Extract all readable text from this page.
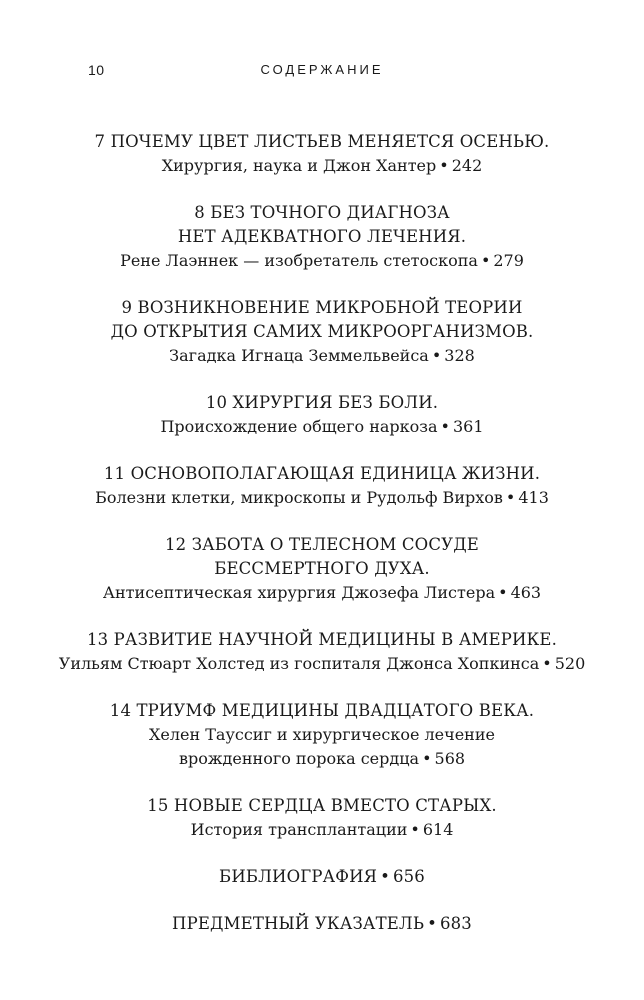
10	СОДЕРЖАНИЕ
7 ПОЧЕМУ ЦВЕТ ЛИСТЬЕВ МЕНЯЕТСЯ ОСЕНЬЮ.
Хирургия, наука и Джон Хантер • 242
8 БЕЗ ТОЧНОГО ДИАГНОЗА
НЕТ АДЕКВАТНОГО ЛЕЧЕНИЯ.
Рене Лаэннек — изобретатель стетоскопа • 279
9 ВОЗНИКНОВЕНИЕ МИКРОБНОЙ ТЕОРИИ
ДО ОТКРЫТИЯ САМИХ МИКРООРГАНИЗМОВ.
Загадка Игнаца Земмельвейса • 328
10 ХИРУРГИЯ БЕЗ БОЛИ.
Происхождение общего наркоза • 361
11 ОСНОВОПОЛАГАЮЩАЯ ЕДИНИЦА ЖИЗНИ.
Болезни клетки, микроскопы и Рудольф Вирхов • 413
12 ЗАБОТА О ТЕЛЕСНОМ СОСУДЕ
БЕССМЕРТНОГО ДУХА.
Антисептическая хирургия Джозефа Листера • 463
13 РАЗВИТИЕ НАУЧНОЙ МЕДИЦИНЫ В АМЕРИКЕ.
Уильям Стюарт Холстед из госпиталя Джонса Хопкинса • 520
14 ТРИУМФ МЕДИЦИНЫ ДВАДЦАТОГО ВЕКА.
Хелен Тауссиг и хирургическое лечение
врожденного порока сердца • 568
15 НОВЫЕ СЕРДЦА ВМЕСТО СТАРЫХ.
История трансплантации • 614
БИБЛИОГРАФИЯ • 656
ПРЕДМЕТНЫЙ УКАЗАТЕЛЬ • 683
